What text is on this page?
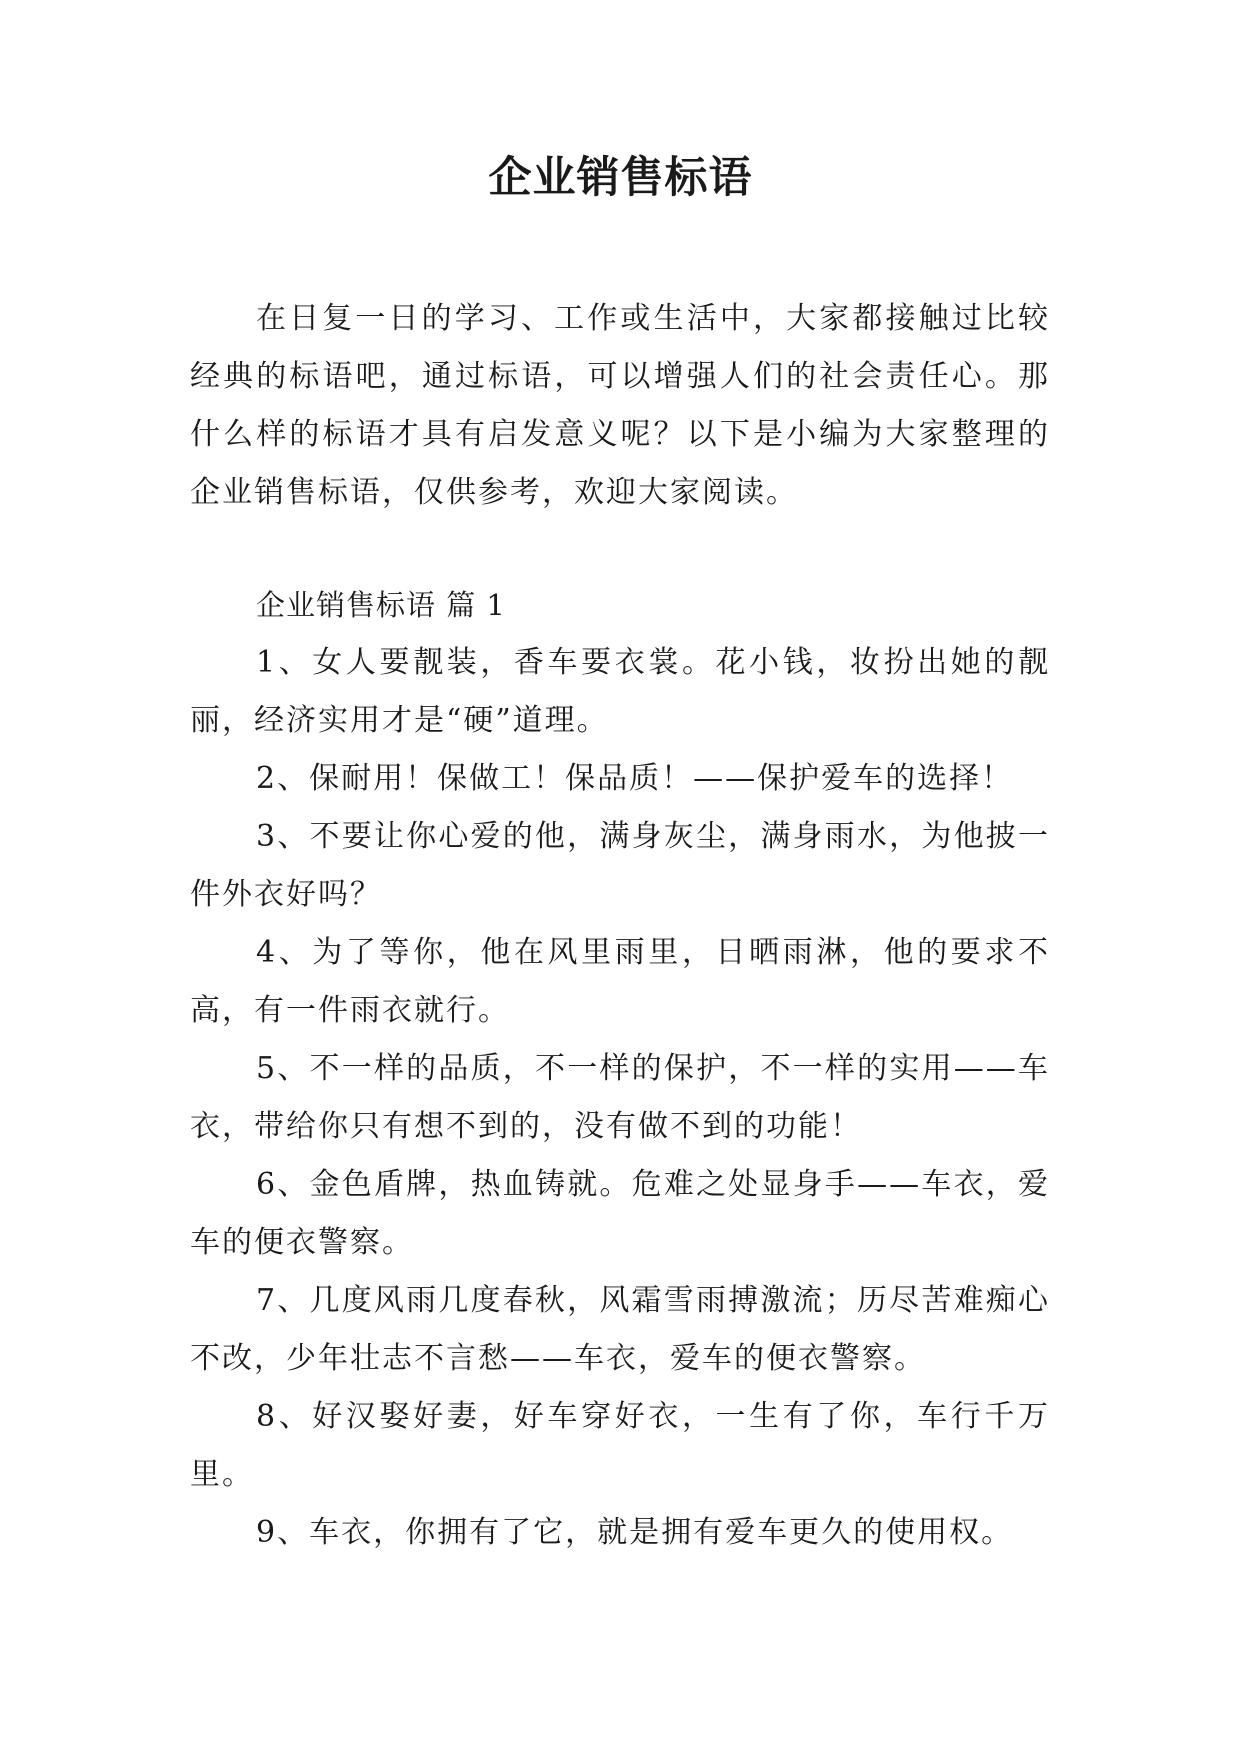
企业销售标语

在日复一日的学习、工作或生活中，大家都接触过比较经典的标语吧，通过标语，可以增强人们的社会责任心。那什么样的标语才具有启发意义呢？以下是小编为大家整理的企业销售标语，仅供参考，欢迎大家阅读。

企业销售标语 篇 1

1、女人要靓装，香车要衣裳。花小钱，妆扮出她的靓丽，经济实用才是“硬”道理。

2、保耐用！保做工！保品质！——保护爱车的选择！

3、不要让你心爱的他，满身灰尘，满身雨水，为他披一件外衣好吗？

4、为了等你，他在风里雨里，日晒雨淋，他的要求不高，有一件雨衣就行。

5、不一样的品质，不一样的保护，不一样的实用——车衣，带给你只有想不到的，没有做不到的功能！

6、金色盾牌，热血铸就。危难之处显身手——车衣，爱车的便衣警察。

7、几度风雨几度春秋，风霜雪雨搏激流；历尽苦难痴心不改，少年壮志不言愁——车衣，爱车的便衣警察。

8、好汉娶好妻，好车穿好衣，一生有了你，车行千万里。

9、车衣，你拥有了它，就是拥有爱车更久的使用权。
